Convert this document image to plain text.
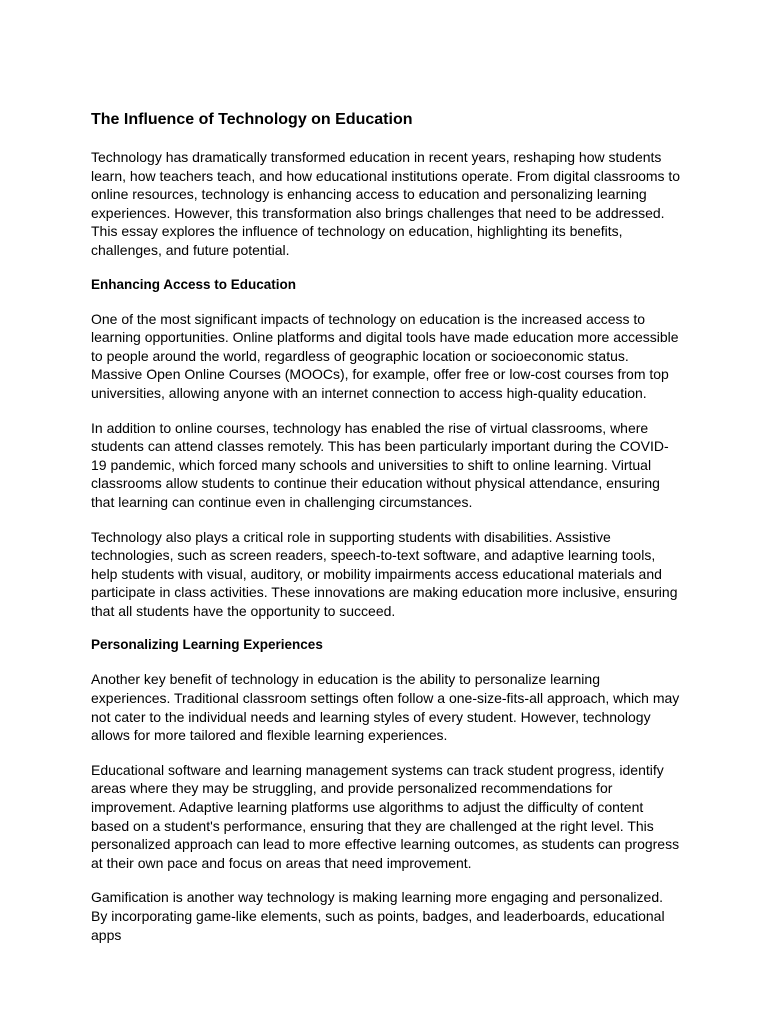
The Influence of Technology on Education

Technology has dramatically transformed education in recent years, reshaping how students learn, how teachers teach, and how educational institutions operate. From digital classrooms to online resources, technology is enhancing access to education and personalizing learning experiences. However, this transformation also brings challenges that need to be addressed. This essay explores the influence of technology on education, highlighting its benefits, challenges, and future potential.

Enhancing Access to Education

One of the most significant impacts of technology on education is the increased access to learning opportunities. Online platforms and digital tools have made education more accessible to people around the world, regardless of geographic location or socioeconomic status. Massive Open Online Courses (MOOCs), for example, offer free or low-cost courses from top universities, allowing anyone with an internet connection to access high-quality education.

In addition to online courses, technology has enabled the rise of virtual classrooms, where students can attend classes remotely. This has been particularly important during the COVID-19 pandemic, which forced many schools and universities to shift to online learning. Virtual classrooms allow students to continue their education without physical attendance, ensuring that learning can continue even in challenging circumstances.

Technology also plays a critical role in supporting students with disabilities. Assistive technologies, such as screen readers, speech-to-text software, and adaptive learning tools, help students with visual, auditory, or mobility impairments access educational materials and participate in class activities. These innovations are making education more inclusive, ensuring that all students have the opportunity to succeed.

Personalizing Learning Experiences

Another key benefit of technology in education is the ability to personalize learning experiences. Traditional classroom settings often follow a one-size-fits-all approach, which may not cater to the individual needs and learning styles of every student. However, technology allows for more tailored and flexible learning experiences.

Educational software and learning management systems can track student progress, identify areas where they may be struggling, and provide personalized recommendations for improvement. Adaptive learning platforms use algorithms to adjust the difficulty of content based on a student's performance, ensuring that they are challenged at the right level. This personalized approach can lead to more effective learning outcomes, as students can progress at their own pace and focus on areas that need improvement.

Gamification is another way technology is making learning more engaging and personalized. By incorporating game-like elements, such as points, badges, and leaderboards, educational apps
